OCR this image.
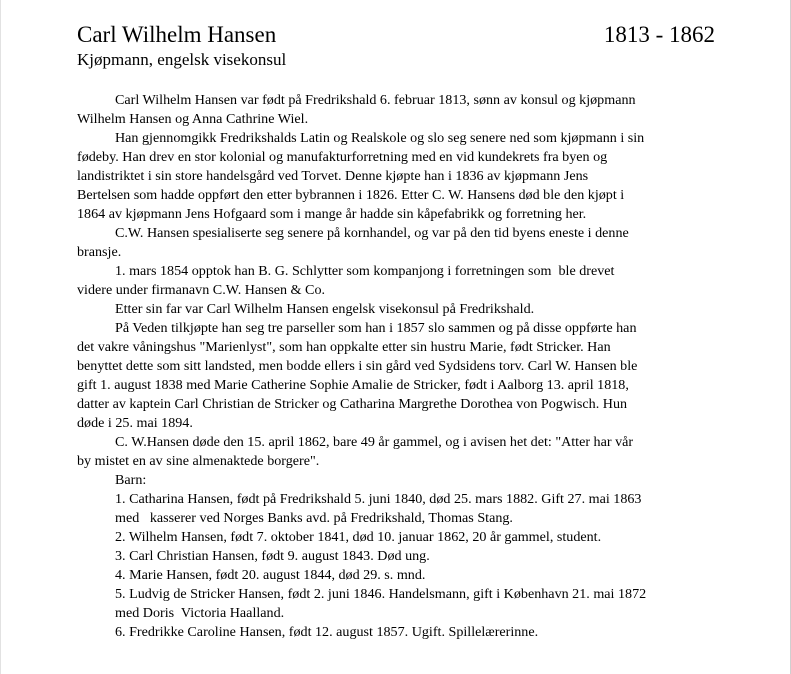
Carl Wilhelm Hansen	1813 - 1862
Kjøpmann, engelsk visekonsul
Carl Wilhelm Hansen var født på Fredrikshald 6. februar 1813, sønn av konsul og kjøpmann
Wilhelm Hansen og Anna Cathrine Wiel.
Han gjennomgikk Fredrikshalds Latin og Realskole og slo seg senere ned som kjøpmann i sin
fødeby. Han drev en stor kolonial og manufakturforretning med en vid kundekrets fra byen og
landistriktet i sin store handelsgård ved Torvet. Denne kjøpte han i 1836 av kjøpmann Jens
Bertelsen som hadde oppført den etter bybrannen i 1826. Etter C. W. Hansens død ble den kjøpt i
1864 av kjøpmann Jens Hofgaard som i mange år hadde sin kåpefabrikk og forretning her.
C.W. Hansen spesialiserte seg senere på kornhandel, og var på den tid byens eneste i denne
bransje.
1. mars 1854 opptok han B. G. Schlytter som kompanjong i forretningen som  ble drevet
videre under firmanavn C.W. Hansen & Co.
Etter sin far var Carl Wilhelm Hansen engelsk visekonsul på Fredrikshald.
På Veden tilkjøpte han seg tre parseller som han i 1857 slo sammen og på disse oppførte han
det vakre våningshus "Marienlyst", som han oppkalte etter sin hustru Marie, født Stricker. Han
benyttet dette som sitt landsted, men bodde ellers i sin gård ved Sydsidens torv. Carl W. Hansen ble
gift 1. august 1838 med Marie Catherine Sophie Amalie de Stricker, født i Aalborg 13. april 1818,
datter av kaptein Carl Christian de Stricker og Catharina Margrethe Dorothea von Pogwisch. Hun
døde i 25. mai 1894.
C. W.Hansen døde den 15. april 1862, bare 49 år gammel, og i avisen het det: "Atter har vår
by mistet en av sine almenaktede borgere".
Barn:
1. Catharina Hansen, født på Fredrikshald 5. juni 1840, død 25. mars 1882. Gift 27. mai 1863
med   kasserer ved Norges Banks avd. på Fredrikshald, Thomas Stang.
2. Wilhelm Hansen, født 7. oktober 1841, død 10. januar 1862, 20 år gammel, student.
3. Carl Christian Hansen, født 9. august 1843. Død ung.
4. Marie Hansen, født 20. august 1844, død 29. s. mnd.
5. Ludvig de Stricker Hansen, født 2. juni 1846. Handelsmann, gift i København 21. mai 1872
med Doris  Victoria Haalland.
6. Fredrikke Caroline Hansen, født 12. august 1857. Ugift. Spillelærerinne.
